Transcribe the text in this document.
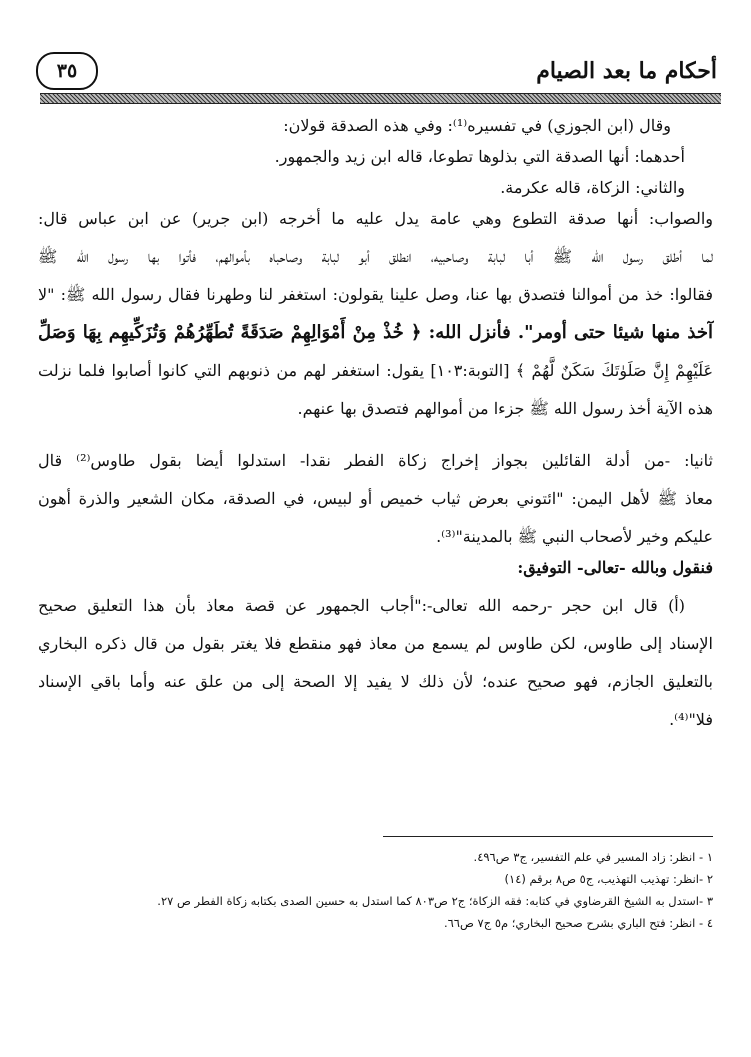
أحكام ما بعد الصيام
٣٥

وقال (ابن الجوزي) في تفسيره⁽¹⁾: وفي هذه الصدقة قولان:

أحدهما: أنها الصدقة التي بذلوها تطوعا، قاله ابن زيد والجمهور.

والثاني: الزكاة، قاله عكرمة.

والصواب: أنها صدقة التطوع وهي عامة يدل عليه ما أخرجه (ابن جرير) عن ابن عباس قال:

لما أطلق رسول الله ﷺ أبا لبابة وصاحبيه، انطلق أبو لبابة وصاحباه بأموالهم، فأتوا بها رسول الله ﷺ

فقالوا: خذ من أموالنا فتصدق بها عنا، وصل علينا يقولون: استغفر لنا وطهرنا فقال رسول الله ﷺ: "لا

آخذ منها شيئا حتى أومر". فأنزل الله: ﴿ خُذْ مِنْ أَمْوَالِهِمْ صَدَقَةً تُطَهِّرُهُمْ وَتُزَكِّيهِم بِهَا وَصَلِّ

عَلَيْهِمْ إِنَّ صَلَوٰتَكَ سَكَنٌ لَّهُمْ ﴾ [التوبة:١٠٣] يقول: استغفر لهم من ذنوبهم التي كانوا أصابوا فلما نزلت

هذه الآية أخذ رسول الله ﷺ جزءا من أموالهم فتصدق بها عنهم.

ثانيا: -من أدلة القائلين بجواز إخراج زكاة الفطر نقدا- استدلوا أيضا بقول طاوس⁽²⁾ قال

معاذ ﷺ لأهل اليمن: "ائتوني بعرض ثياب خميص أو لبيس، في الصدقة، مكان الشعير والذرة أهون

عليكم وخير لأصحاب النبي ﷺ بالمدينة"⁽³⁾.

فنقول وبالله -تعالى- التوفيق:

(أ) قال ابن حجر -رحمه الله تعالى-:"أجاب الجمهور عن قصة معاذ بأن هذا التعليق صحيح

الإسناد إلى طاوس، لكن طاوس لم يسمع من معاذ فهو منقطع فلا يغتر بقول من قال ذكره البخاري

بالتعليق الجازم، فهو صحيح عنده؛ لأن ذلك لا يفيد إلا الصحة إلى من علق عنه وأما باقي الإسناد

فلا"⁽⁴⁾.

١ - انظر: زاد المسير في علم التفسير، ج٣ ص٤٩٦.

٢ -انظر: تهذيب التهذيب، ج٥ ص٨ برقم (١٤)

٣ -استدل به الشيخ القرضاوي في كتابه: فقه الزكاة؛ ج٢ ص٨٠٣ كما استدل به حسين الصدى بكتابه زكاة الفطر ص ٢٧.

٤ - انظر: فتح الباري بشرح صحيح البخاري؛ م٥ ج٧ ص٦٦.
